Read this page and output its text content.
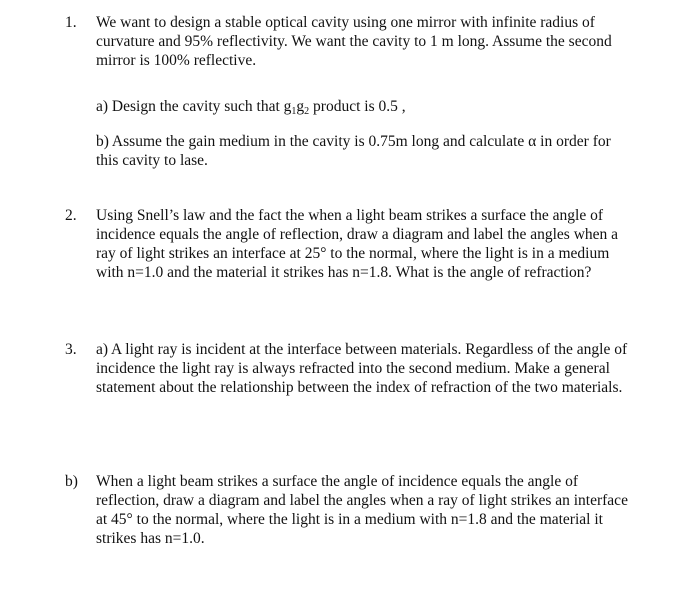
1.	We want to design a stable optical cavity using one mirror with infinite radius of
curvature and 95% reflectivity. We want the cavity to 1 m long. Assume the second
mirror is 100% reflective.
a) Design the cavity such that g1g2 product is 0.5 ,
b) Assume the gain medium in the cavity is 0.75m long and calculate α in order for
this cavity to lase.
2.	Using Snell’s law and the fact the when a light beam strikes a surface the angle of
incidence equals the angle of reflection, draw a diagram and label the angles when a
ray of light strikes an interface at 25° to the normal, where the light is in a medium
with n=1.0 and the material it strikes has n=1.8. What is the angle of refraction?
3.	a) A light ray is incident at the interface between materials. Regardless of the angle of
incidence the light ray is always refracted into the second medium. Make a general
statement about the relationship between the index of refraction of the two materials.
b)	When a light beam strikes a surface the angle of incidence equals the angle of
reflection, draw a diagram and label the angles when a ray of light strikes an interface
at 45° to the normal, where the light is in a medium with n=1.8 and the material it
strikes has n=1.0.
